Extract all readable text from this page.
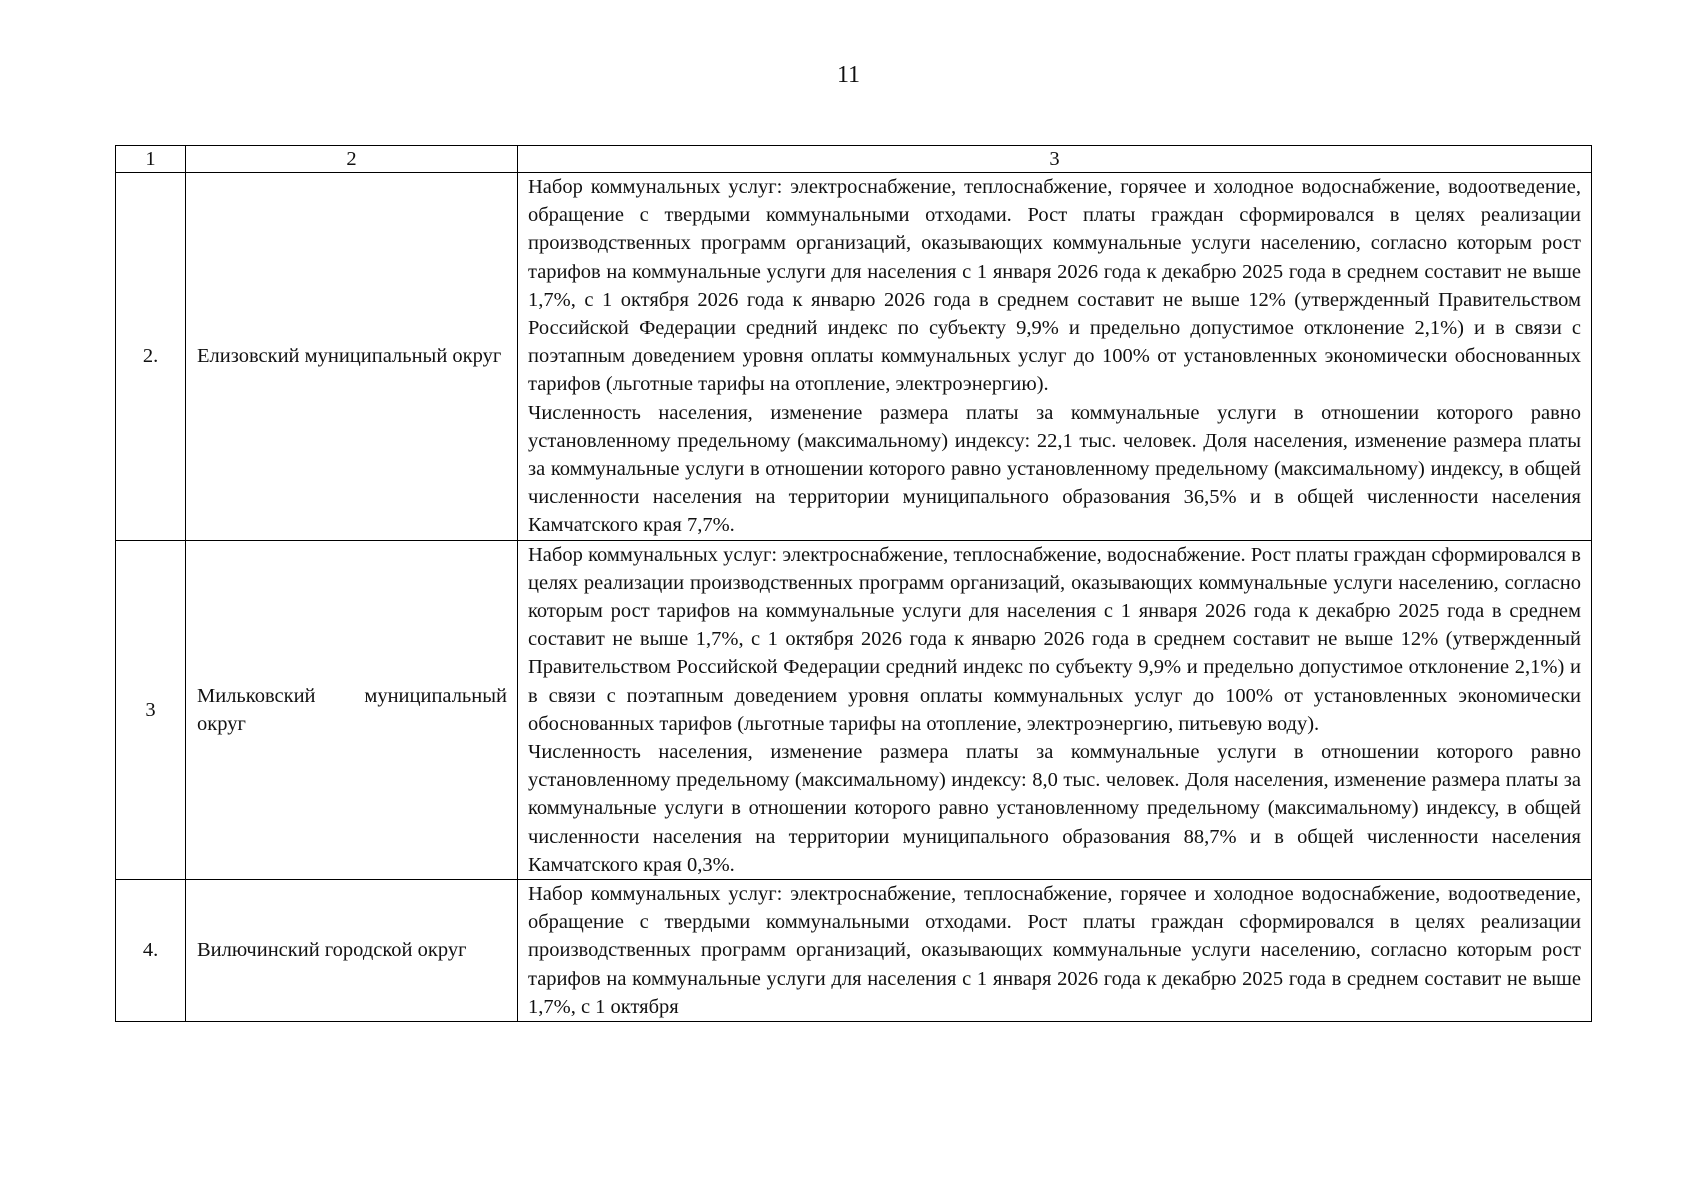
11
1	2	3
2.	Елизовский муниципальный округ	Набор коммунальных услуг: электроснабжение, теплоснабжение, горячее и холодное водоснабжение, водоотведение, обращение с твердыми коммунальными отходами. Рост платы граждан сформировался в целях реализации производственных программ организаций, оказывающих коммунальные услуги населению, согласно которым рост тарифов на коммунальные услуги для населения с 1 января 2026 года к декабрю 2025 года в среднем составит не выше 1,7%, с 1 октября 2026 года к январю 2026 года в среднем составит не выше 12% (утвержденный Правительством Российской Федерации средний индекс по субъекту 9,9% и предельно допустимое отклонение 2,1%) и в связи с поэтапным доведением уровня оплаты коммунальных услуг до 100% от установленных экономически обоснованных тарифов (льготные тарифы на отопление, электроэнергию).

Численность населения, изменение размера платы за коммунальные услуги в отношении которого равно установленному предельному (максимальному) индексу: 22,1 тыс. человек. Доля населения, изменение размера платы за коммунальные услуги в отношении которого равно установленному предельному (максимальному) индексу, в общей численности населения на территории муниципального образования 36,5% и в общей численности населения Камчатского края 7,7%.

3	Мильковский муниципальный округ	Набор коммунальных услуг: электроснабжение, теплоснабжение, водоснабжение. Рост платы граждан сформировался в целях реализации производственных программ организаций, оказывающих коммунальные услуги населению, согласно которым рост тарифов на коммунальные услуги для населения с 1 января 2026 года к декабрю 2025 года в среднем составит не выше 1,7%, с 1 октября 2026 года к январю 2026 года в среднем составит не выше 12% (утвержденный Правительством Российской Федерации средний индекс по субъекту 9,9% и предельно допустимое отклонение 2,1%) и в связи с поэтапным доведением уровня оплаты коммунальных услуг до 100% от установленных экономически обоснованных тарифов (льготные тарифы на отопление, электроэнергию, питьевую воду).

Численность населения, изменение размера платы за коммунальные услуги в отношении которого равно установленному предельному (максимальному) индексу: 8,0 тыс. человек. Доля населения, изменение размера платы за коммунальные услуги в отношении которого равно установленному предельному (максимальному) индексу, в общей численности населения на территории муниципального образования 88,7% и в общей численности населения Камчатского края 0,3%.

4.	Вилючинский городской округ	Набор коммунальных услуг: электроснабжение, теплоснабжение, горячее и холодное водоснабжение, водоотведение, обращение с твердыми коммунальными отходами. Рост платы граждан сформировался в целях реализации производственных программ организаций, оказывающих коммунальные услуги населению, согласно которым рост тарифов на коммунальные услуги для населения с 1 января 2026 года к декабрю 2025 года в среднем составит не выше 1,7%, с 1 октября
